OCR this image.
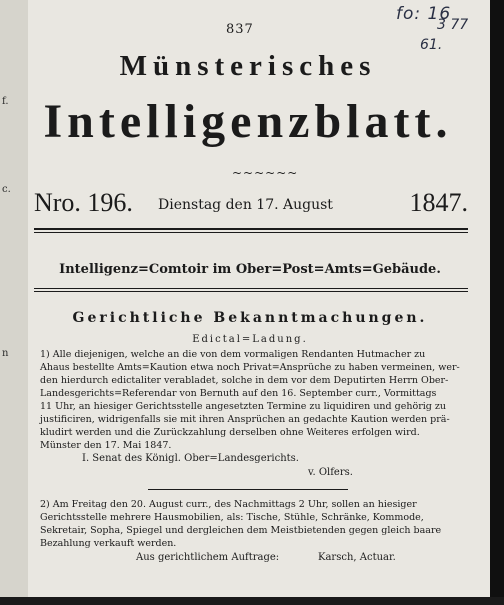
f.
c.
n
fo: 16
3 77
61.
837
Münsterisches
Intelligenzblatt.
~~~~~~
Nro. 196. Dienstag den 17. August	1847.
Intelligenz=Comtoir im Ober=Post=Amts=Gebäude.
Gerichtliche Bekanntmachungen.
Edictal=Ladung.
1) Alle diejenigen, welche an die von dem vormaligen Rendanten Hutmacher zu
Ahaus bestellte Amts=Kaution etwa noch Privat=Ansprüche zu haben vermeinen, wer-
den hierdurch edictaliter verabladet, solche in dem vor dem Deputirten Herrn Ober-
Landesgerichts=Referendar von Bernuth auf den 16. September curr., Vormittags
11 Uhr, an hiesiger Gerichtsstelle angesetzten Termine zu liquidiren und gehörig zu
justificiren, widrigenfalls sie mit ihren Ansprüchen an gedachte Kaution werden prä-
kludirt werden und die Zurückzahlung derselben ohne Weiteres erfolgen wird.
Münster den 17. Mai 1847.
I. Senat des Königl. Ober=Landesgerichts.
v. Olfers.
2) Am Freitag den 20. August curr., des Nachmittags 2 Uhr, sollen an hiesiger
Gerichtsstelle mehrere Hausmobilien, als: Tische, Stühle, Schränke, Kommode,
Sekretair, Sopha, Spiegel und dergleichen dem Meistbietenden gegen gleich baare
Bezahlung verkauft werden.
Aus gerichtlichem Auftrage:	Karsch, Actuar.
